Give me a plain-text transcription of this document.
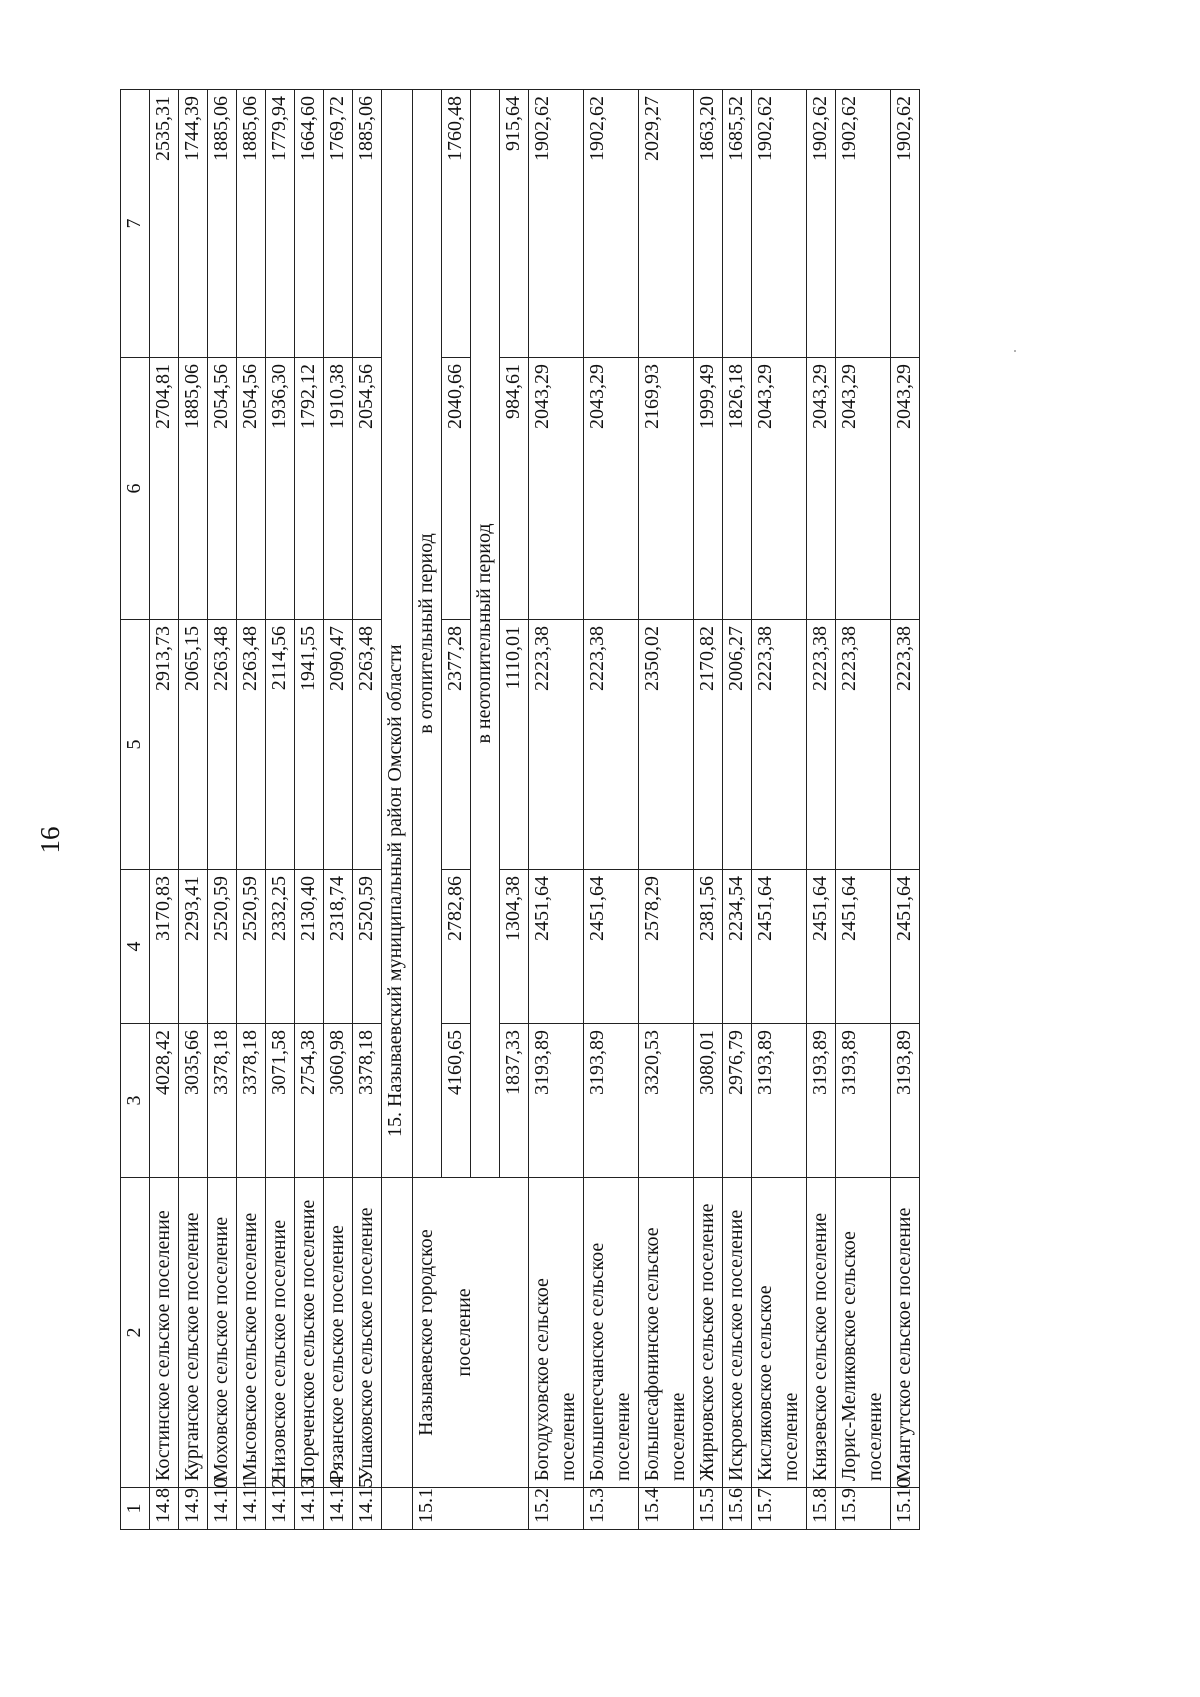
16
1	2	3	4	5	6	7
14.8	Костинское сельское поселение	4028,42	3170,83	2913,73	2704,81	2535,31
14.9	Курганское сельское поселение	3035,66	2293,41	2065,15	1885,06	1744,39
14.10	Моховское сельское поселение	3378,18	2520,59	2263,48	2054,56	1885,06
14.11	Мысовское сельское поселение	3378,18	2520,59	2263,48	2054,56	1885,06
14.12	Низовское сельское поселение	3071,58	2332,25	2114,56	1936,30	1779,94
14.13	Пореченское сельское поселение	2754,38	2130,40	1941,55	1792,12	1664,60
14.14	Рязанское сельское поселение	3060,98	2318,74	2090,47	1910,38	1769,72
14.15	Ушаковское сельское поселение	3378,18	2520,59	2263,48	2054,56	1885,06
		15. Называевский муниципальный район Омской области				
15.1	Называевское городское поселение	в отопительный период				
		4160,65	2782,86	2377,28	2040,66	1760,48
		в неотопительный период				
		1837,33	1304,38	1110,01	984,61	915,64
15.2	Богодуховское сельское поселение	3193,89	2451,64	2223,38	2043,29	1902,62
15.3	Большепесчанское сельское поселение	3193,89	2451,64	2223,38	2043,29	1902,62
15.4	Большесафонинское сельское поселение	3320,53	2578,29	2350,02	2169,93	2029,27
15.5	Жирновское сельское поселение	3080,01	2381,56	2170,82	1999,49	1863,20
15.6	Искровское сельское поселение	2976,79	2234,54	2006,27	1826,18	1685,52
15.7	Кисляковское сельское поселение	3193,89	2451,64	2223,38	2043,29	1902,62
15.8	Князевское сельское поселение	3193,89	2451,64	2223,38	2043,29	1902,62
15.9	Лорис-Меликовское сельское поселение	3193,89	2451,64	2223,38	2043,29	1902,62
15.10	Мангутское сельское поселение	3193,89	2451,64	2223,38	2043,29	1902,62
